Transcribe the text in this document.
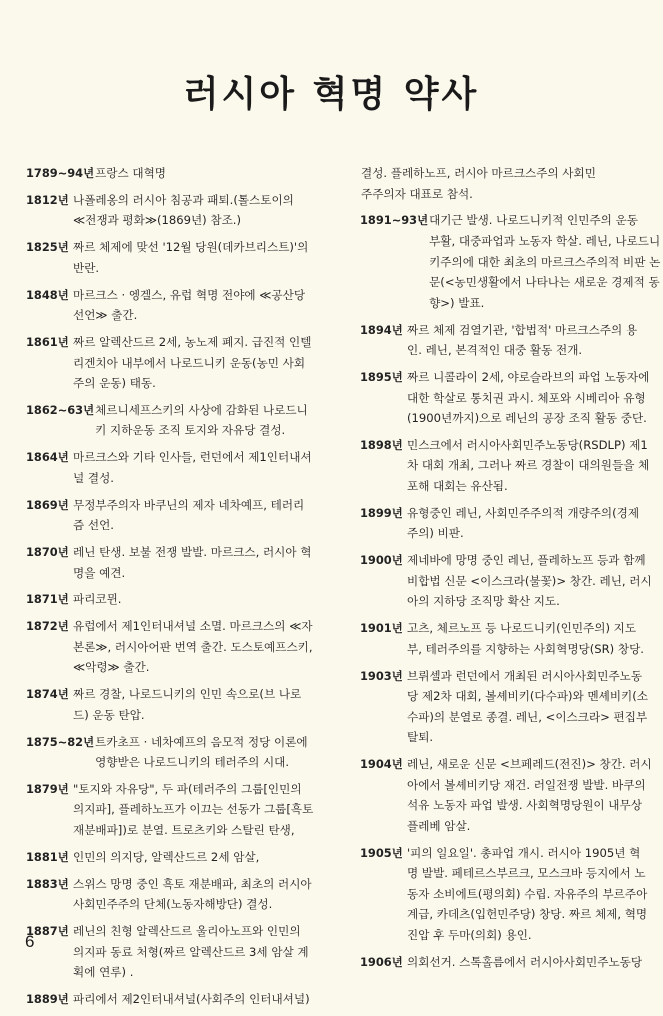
러시아 혁명 약사
1789~94년 프랑스 대혁명
1812년 나폴레옹의 러시아 침공과 패퇴.(톨스토이의
≪전쟁과 평화≫(1869년) 참조.)
1825년 짜르 체제에 맞선 '12월 당원(데카브리스트)'의
반란.
1848년 마르크스 · 엥겔스, 유럽 혁명 전야에 ≪공산당
선언≫ 출간.
1861년 짜르 알렉산드르 2세, 농노제 폐지. 급진적 인텔
리겐치아 내부에서 나로드니키 운동(농민 사회
주의 운동) 태동.
1862~63년 체르니세프스키의 사상에 감화된 나로드니
키 지하운동 조직 토지와 자유당 결성.
1864년 마르크스와 기타 인사들, 런던에서 제1인터내셔
널 결성.
1869년 무정부주의자 바쿠닌의 제자 네차예프, 테러리
즘 선언.
1870년 레닌 탄생. 보불 전쟁 발발. 마르크스, 러시아 혁
명을 예견.
1871년 파리코뮌.
1872년 유럽에서 제1인터내셔널 소멸. 마르크스의 ≪자
본론≫, 러시아어판 번역 출간. 도스토예프스키,
≪악령≫ 출간.
1874년 짜르 경찰, 나로드니키의 인민 속으로(브 나로
드) 운동 탄압.
1875~82년 트카초프 · 네차예프의 음모적 정당 이론에
영향받은 나로드니키의 테러주의 시대.
1879년 "토지와 자유당", 두 파(테러주의 그룹[인민의
의지파], 플레하노프가 이끄는 선동가 그룹[흑토
재분배파])로 분열. 트로츠키와 스탈린 탄생,
1881년 인민의 의지당, 알렉산드르 2세 암살,
1883년 스위스 망명 중인 흑토 재분배파, 최초의 러시아
사회민주주의 단체(노동자해방단) 결성.
1887년 레닌의 친형 알렉산드르 울리아노프와 인민의
의지파 동료 처형(짜르 알렉산드르 3세 암살 계
획에 연루) .
1889년 파리에서 제2인터내셔널(사회주의 인터내셔널)
결성. 플레하노프, 러시아 마르크스주의 사회민
주주의자 대표로 참석.
1891~93년 대기근 발생. 나로드니키적 인민주의 운동
부활, 대중파업과 노동자 학살. 레닌, 나로드니
키주의에 대한 최초의 마르크스주의적 비판 논
문(<농민생활에서 나타나는 새로운 경제적 동
향>) 발표.
1894년 짜르 체제 검열기관, '합법적' 마르크스주의 용
인. 레닌, 본격적인 대중 활동 전개.
1895년 짜르 니콜라이 2세, 야로슬라브의 파업 노동자에
대한 학살로 통치권 과시. 체포와 시베리아 유형
(1900년까지)으로 레닌의 공장 조직 활동 중단.
1898년 민스크에서 러시아사회민주노동당(RSDLP) 제1
차 대회 개최, 그러나 짜르 경찰이 대의원들을 체
포해 대회는 유산됨.
1899년 유형중인 레닌, 사회민주주의적 개량주의(경제
주의) 비판.
1900년 제네바에 망명 중인 레닌, 플레하노프 등과 함께
비합법 신문 <이스크라(불꽃)> 창간. 레닌, 러시
아의 지하당 조직망 확산 지도.
1901년 고츠, 체르노프 등 나로드니키(인민주의) 지도
부, 테러주의를 지향하는 사회혁명당(SR) 창당.
1903년 브뤼셀과 런던에서 개최된 러시아사회민주노동
당 제2차 대회, 볼셰비키(다수파)와 멘셰비키(소
수파)의 분열로 종결. 레닌, <이스크라> 편집부
탈퇴.
1904년 레닌, 새로운 신문 <브페레드(전진)> 창간. 러시
아에서 볼셰비키당 재건. 러일전쟁 발발. 바쿠의
석유 노동자 파업 발생. 사회혁명당원이 내무상
플레베 암살.
1905년 '피의 일요일'. 총파업 개시. 러시아 1905년 혁
명 발발. 페테르스부르크, 모스크바 등지에서 노
동자 소비에트(평의회) 수립. 자유주의 부르주아
계급, 카데츠(입헌민주당) 창당. 짜르 체제, 혁명
진압 후 두마(의회) 용인.
1906년 의회선거. 스톡홀름에서 러시아사회민주노동당
6
